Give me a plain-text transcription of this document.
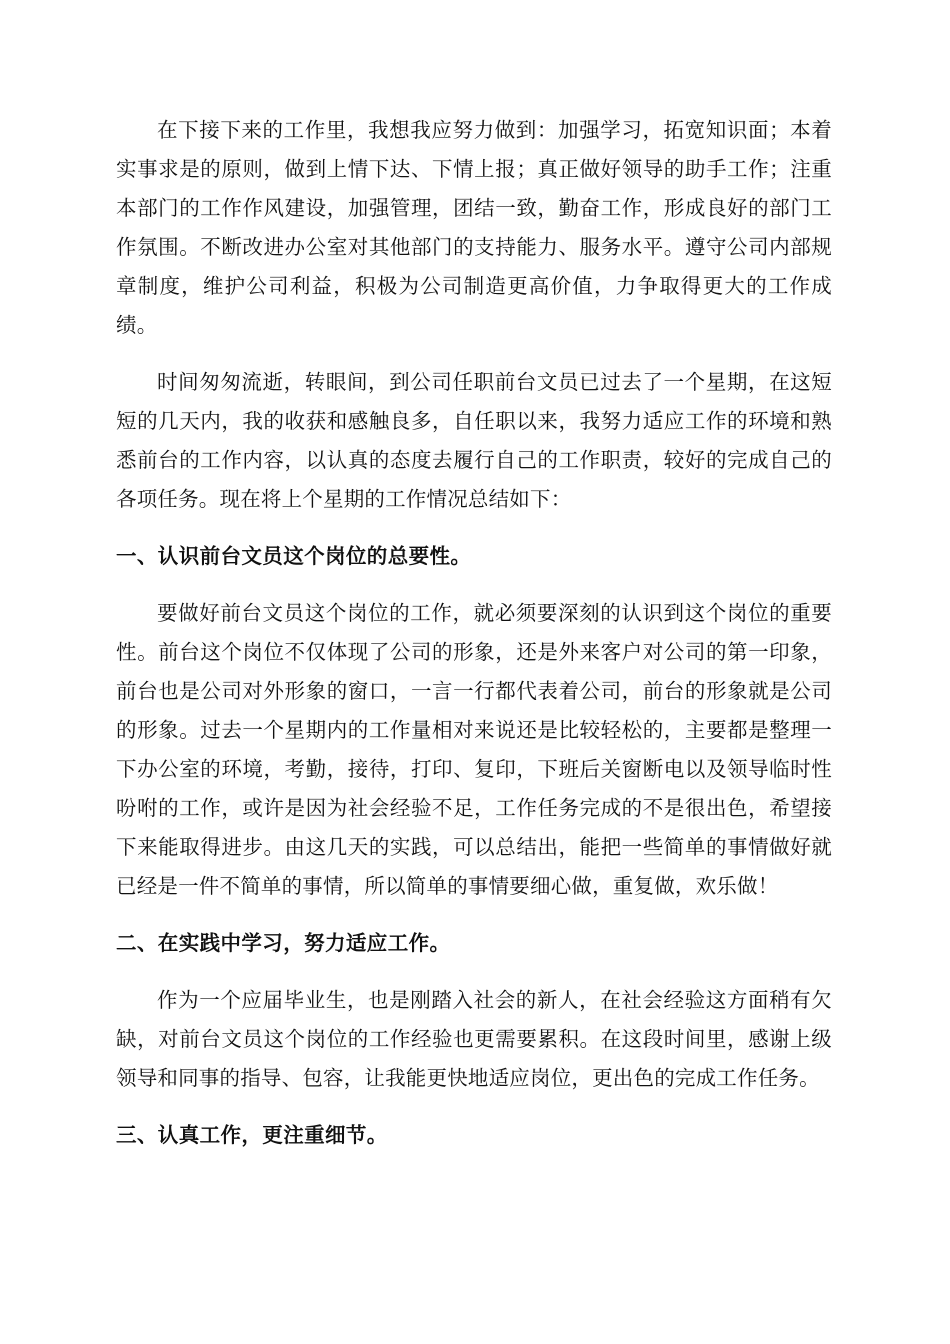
在下接下来的工作里，我想我应努力做到：加强学习，拓宽知识面；本着实事求是的原则，做到上情下达、下情上报；真正做好领导的助手工作；注重本部门的工作作风建设，加强管理，团结一致，勤奋工作，形成良好的部门工作氛围。不断改进办公室对其他部门的支持能力、服务水平。遵守公司内部规章制度，维护公司利益，积极为公司制造更高价值，力争取得更大的工作成绩。

时间匆匆流逝，转眼间，到公司任职前台文员已过去了一个星期，在这短短的几天内，我的收获和感触良多，自任职以来，我努力适应工作的环境和熟悉前台的工作内容，以认真的态度去履行自己的工作职责，较好的完成自己的各项任务。现在将上个星期的工作情况总结如下：

一、认识前台文员这个岗位的总要性。

要做好前台文员这个岗位的工作，就必须要深刻的认识到这个岗位的重要性。前台这个岗位不仅体现了公司的形象，还是外来客户对公司的第一印象，前台也是公司对外形象的窗口，一言一行都代表着公司，前台的形象就是公司的形象。过去一个星期内的工作量相对来说还是比较轻松的，主要都是整理一下办公室的环境，考勤，接待，打印、复印，下班后关窗断电以及领导临时性吩咐的工作，或许是因为社会经验不足，工作任务完成的不是很出色，希望接下来能取得进步。由这几天的实践，可以总结出，能把一些简单的事情做好就已经是一件不简单的事情，所以简单的事情要细心做，重复做，欢乐做！

二、在实践中学习，努力适应工作。

作为一个应届毕业生，也是刚踏入社会的新人，在社会经验这方面稍有欠缺，对前台文员这个岗位的工作经验也更需要累积。在这段时间里，感谢上级领导和同事的指导、包容，让我能更快地适应岗位，更出色的完成工作任务。

三、认真工作，更注重细节。
